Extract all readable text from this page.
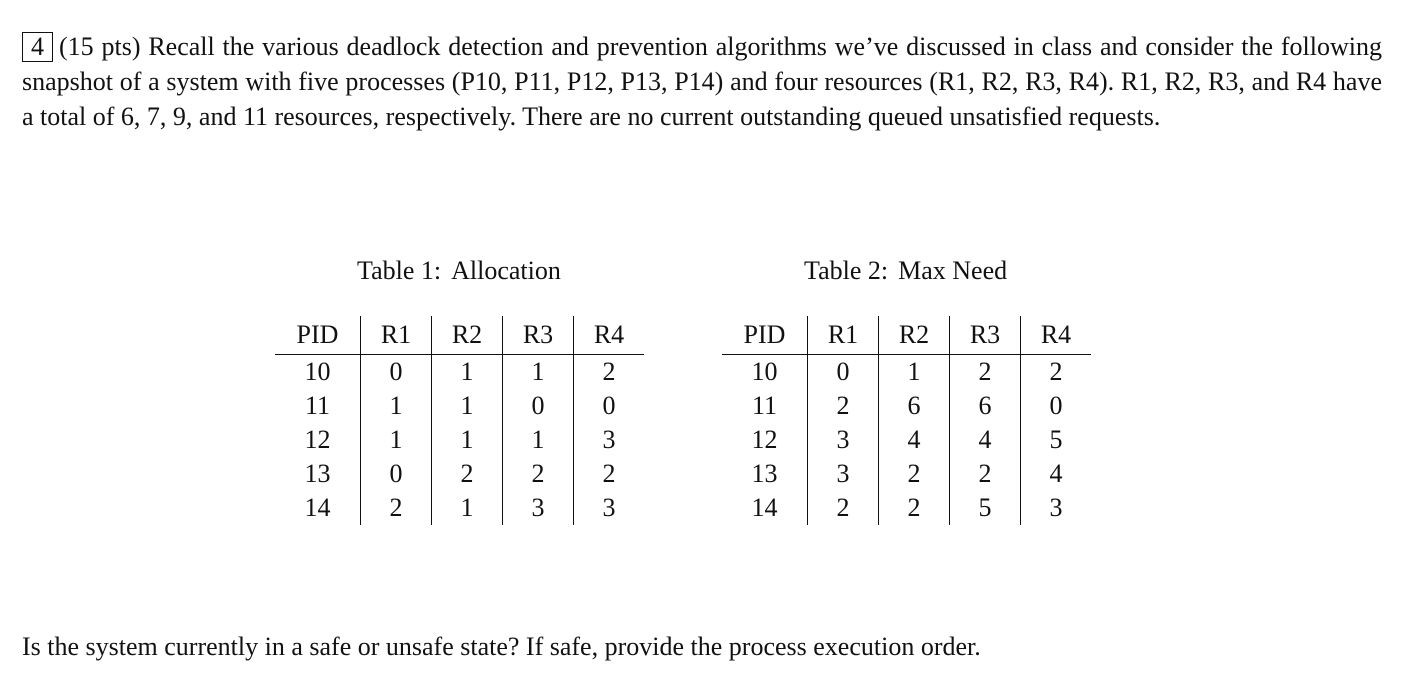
4 (15 pts) Recall the various deadlock detection and prevention algorithms we’ve discussed in class and consider the following snapshot of a system with five processes (P10, P11, P12, P13, P14) and four resources (R1, R2, R3, R4). R1, R2, R3, and R4 have a total of 6, 7, 9, and 11 resources, respectively. There are no current outstanding queued unsatisfied requests.
Table 1: Allocation	Table 2: Max Need
PID	R1	R2	R3	R4
10	0	1	1	2
11	1	1	0	0
12	1	1	1	3
13	0	2	2	2
14	2	1	3	3
PID	R1	R2	R3	R4
10	0	1	2	2
11	2	6	6	0
12	3	4	4	5
13	3	2	2	4
14	2	2	5	3
Is the system currently in a safe or unsafe state? If safe, provide the process execution order.
